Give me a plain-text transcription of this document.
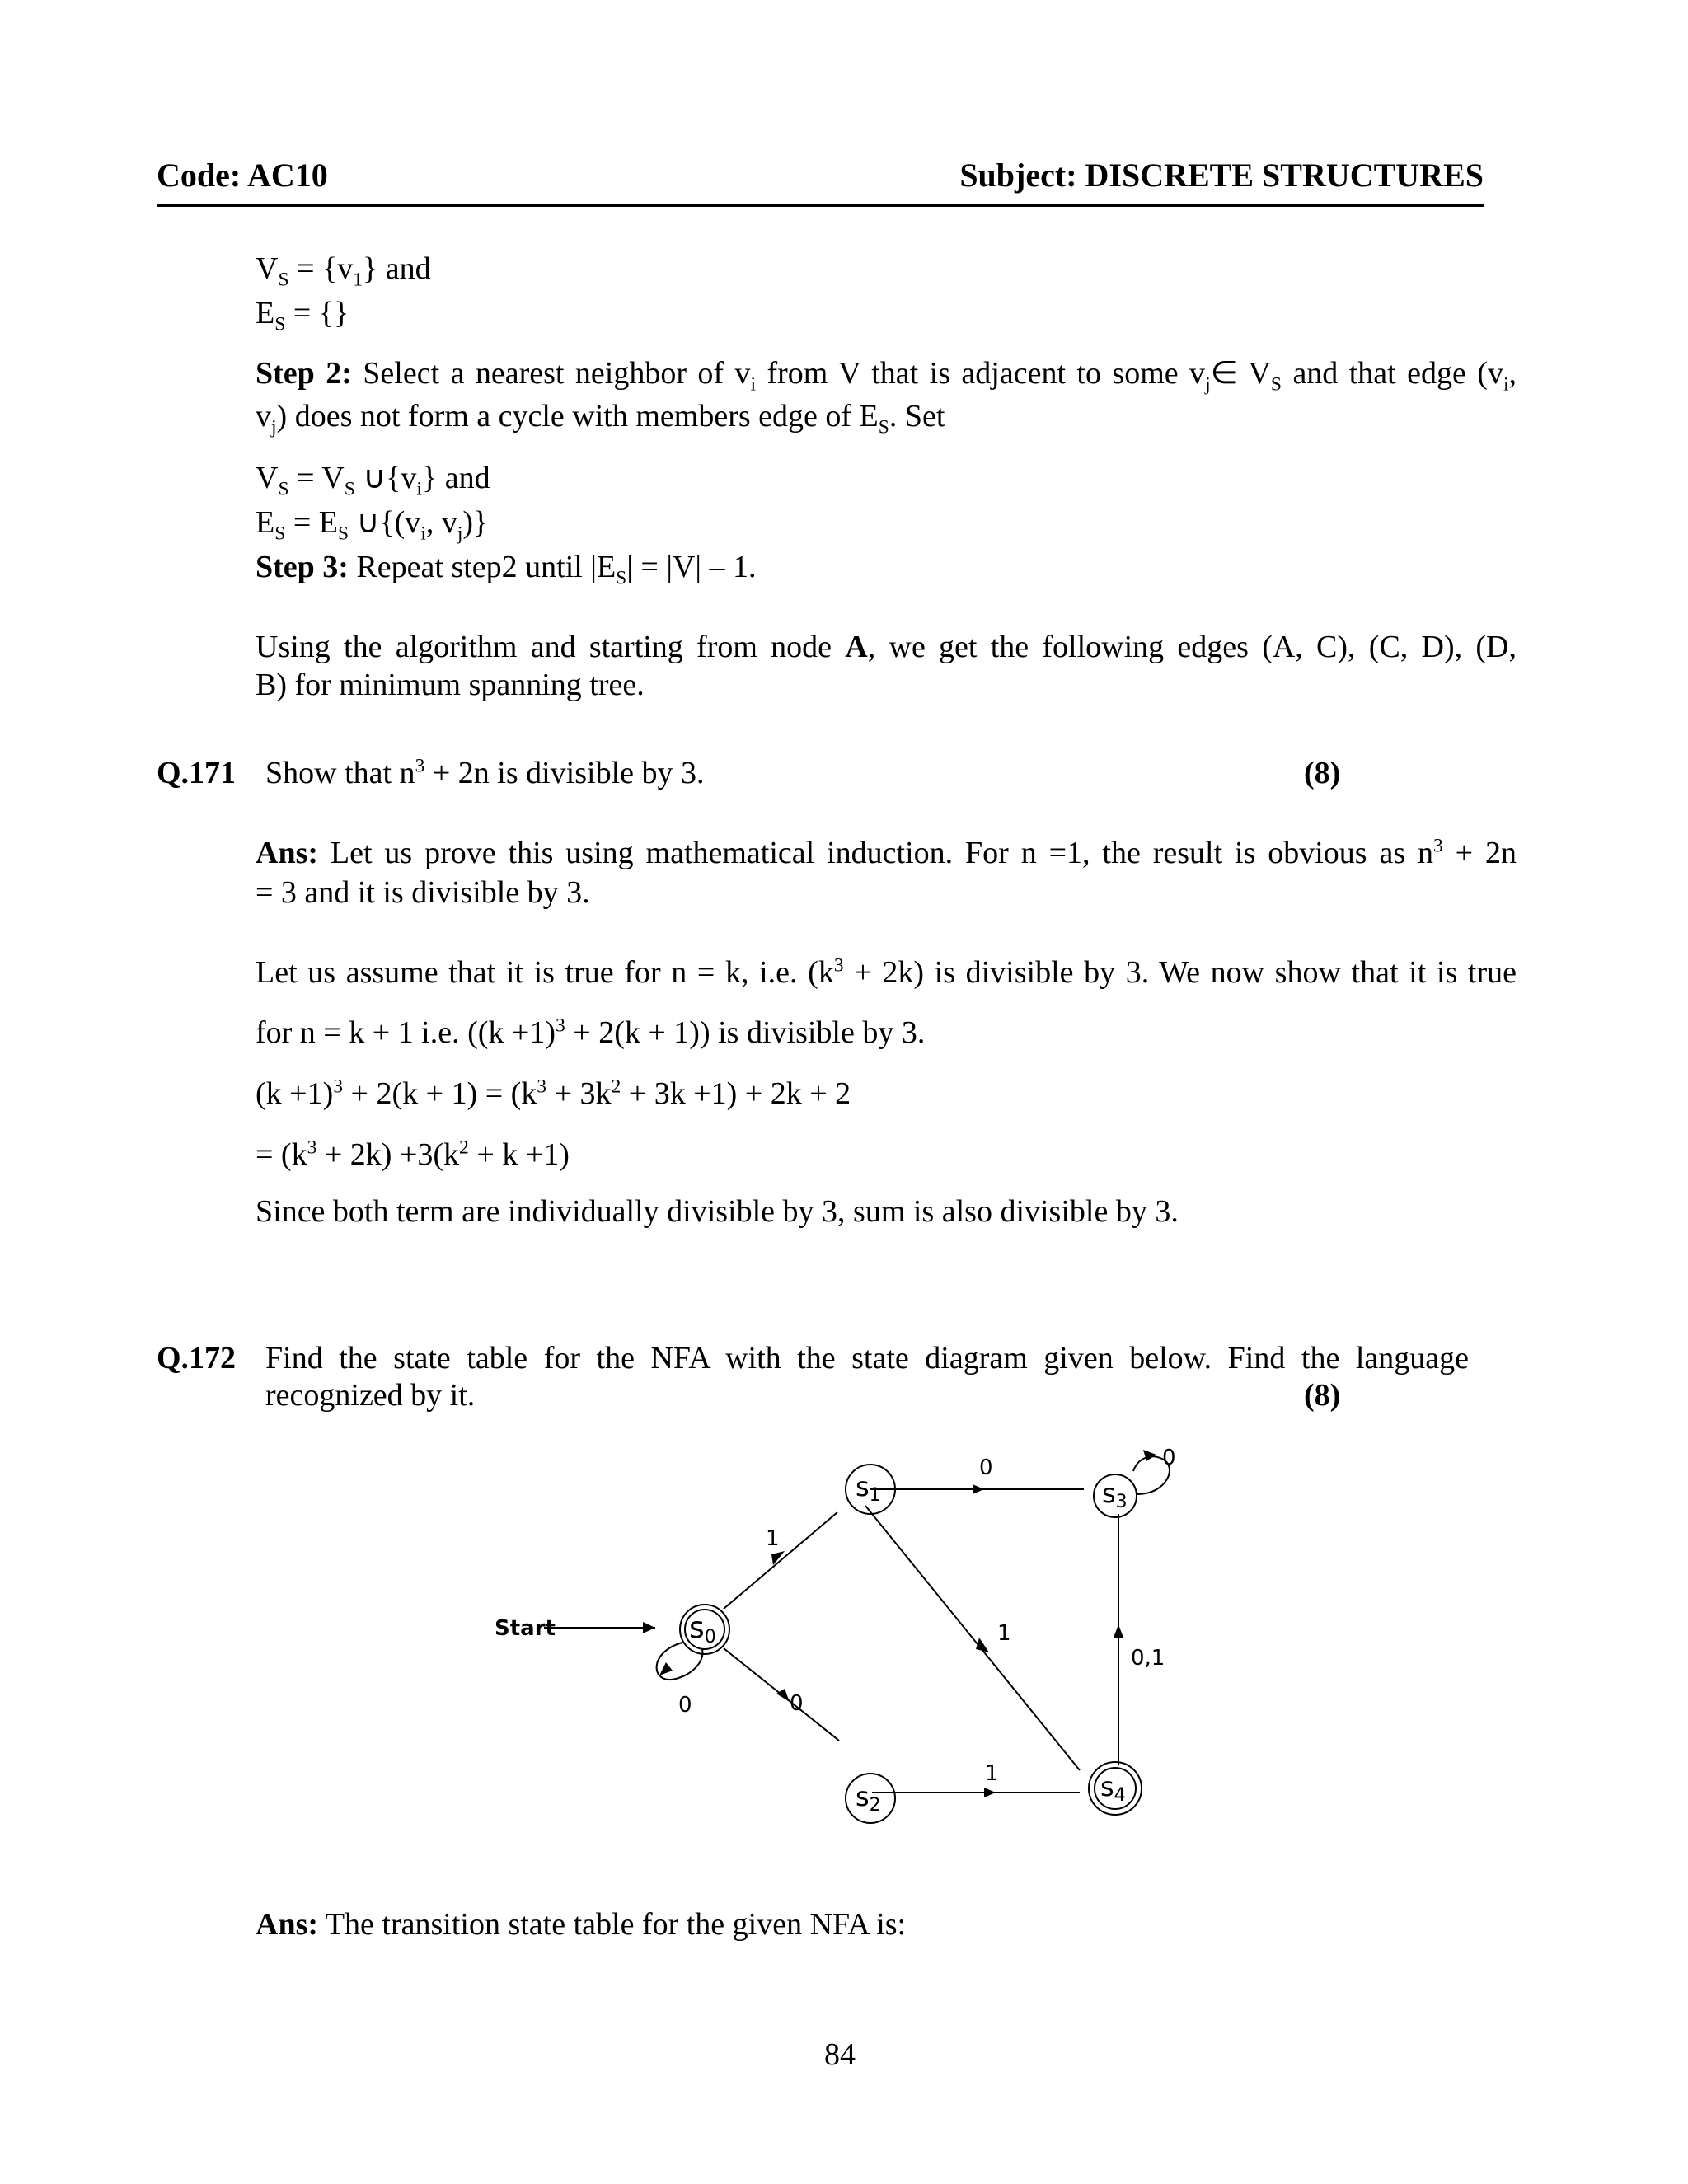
Code: AC10	Subject: DISCRETE STRUCTURES
$V_S = \{v_1\}$ and
$E_S$ = {}
Step 2: Select a nearest neighbor of $v_i$ from V that is adjacent to some $v_j\in$ $V_S$ and that edge ($v_i$,
$v_j$) does not form a cycle with members edge of $E_S$. Set
$V_S = V_S$ $\cup\{v_i\}$ and
$E_S = E_S$ $\cup\{(v_i$, $v_j$)}
Step 3: Repeat step2 until $|E_S| = |V| - 1$.
Using the algorithm and starting from node A, we get the following edges (A, C), (C, D), (D,
B) for minimum spanning tree.
Q.171 Show that $n^3 + 2n$ is divisible by 3.	(8)
Ans: Let us prove this using mathematical induction. For n =1, the result is obvious as $n^3 + 2n$
= 3 and it is divisible by 3.
Let us assume that it is true for n = k, i.e. $(k^3 + 2k)$ is divisible by 3. We now show that it is true
for n = k + 1 i.e. $((k +1)^3 + 2(k + 1))$ is divisible by 3.
$(k +1)^3 + 2(k + 1) = (k^3 + 3k^2 + 3k +1) + 2k + 2$
= $(k^3 + 2k) +3(k^2 + k +1)$
Since both term are individually divisible by 3, sum is also divisible by 3.
Q.172 Find the state table for the NFA with the state diagram given below. Find the language
recognized by it.	(8)
Start	s0
s1
s2
s3
s4
0
1
0
0
1
1
0
0,1
Ans: The transition state table for the given NFA is:
84
